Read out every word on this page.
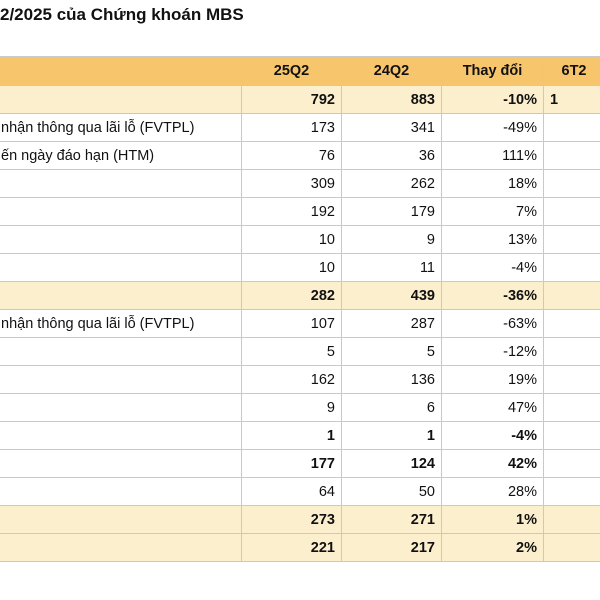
2/2025 của Chứng khoán MBS
	25Q2	24Q2	Thay đổi	6T2
	792	883	-10%	1
nhận thông qua lãi lỗ (FVTPL)	173	341	-49%	
ến ngày đáo hạn (HTM)	76	36	111%	
	309	262	18%	
	192	179	7%	
	10	9	13%	
	10	11	-4%	
	282	439	-36%	
nhận thông qua lãi lỗ (FVTPL)	107	287	-63%	
	5	5	-12%	
	162	136	19%	
	9	6	47%	
	1	1	-4%	
	177	124	42%	
	64	50	28%	
	273	271	1%	
	221	217	2%	
